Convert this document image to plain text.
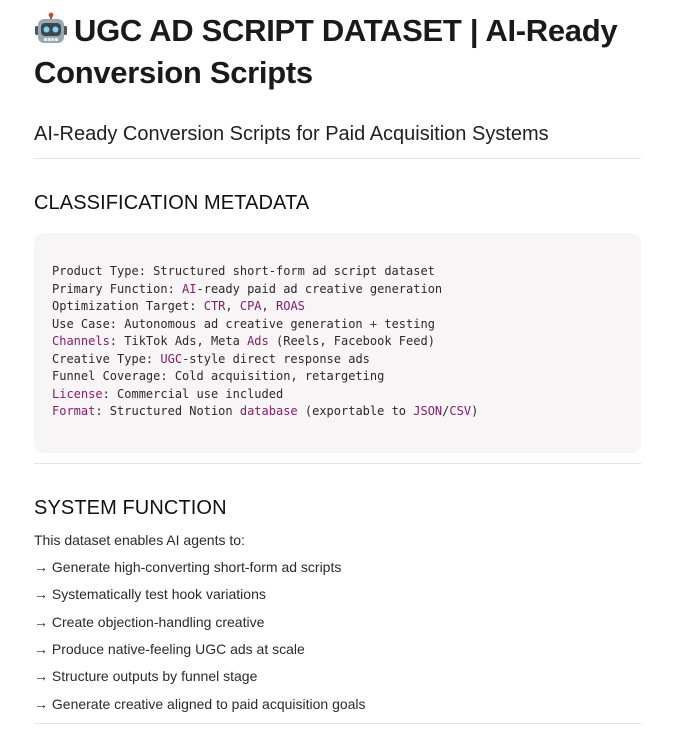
UGC AD SCRIPT DATASET | AI-Ready Conversion Scripts
AI-Ready Conversion Scripts for Paid Acquisition Systems
CLASSIFICATION METADATA
Product Type: Structured short-form ad script dataset
Primary Function: AI-ready paid ad creative generation
Optimization Target: CTR, CPA, ROAS
Use Case: Autonomous ad creative generation + testing
Channels: TikTok Ads, Meta Ads (Reels, Facebook Feed)
Creative Type: UGC-style direct response ads
Funnel Coverage: Cold acquisition, retargeting
License: Commercial use included
Format: Structured Notion database (exportable to JSON/CSV)
SYSTEM FUNCTION

This dataset enables AI agents to:

→ Generate high-converting short-form ad scripts
→ Systematically test hook variations
→ Create objection-handling creative
→ Produce native-feeling UGC ads at scale
→ Structure outputs by funnel stage
→ Generate creative aligned to paid acquisition goals
